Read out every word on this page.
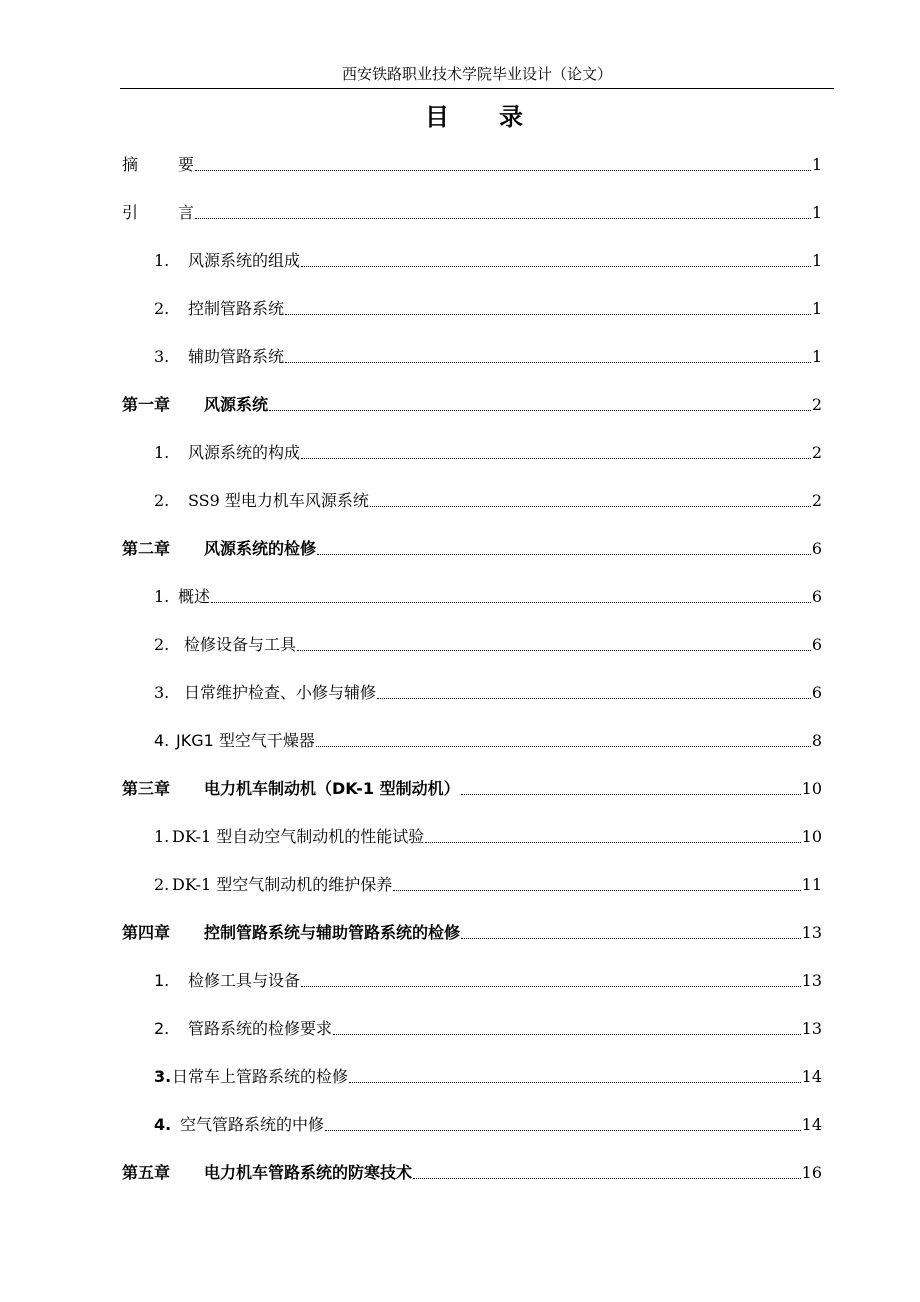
西安铁路职业技术学院毕业设计（论文）
目 录
摘	要	1
引	言	1
1.	风源系统的组成	1
2.	控制管路系统	1
3.	辅助管路系统	1
第一章	风源系统	2
1.	风源系统的构成	2
2.	SS9 型电力机车风源系统	2
第二章	风源系统的检修	6
1. 概述	6
2. 检修设备与工具	6
3. 日常维护检查、小修与辅修	6
4. JKG1 型空气干燥器	8
第三章	电力机车制动机（DK-1 型制动机）	10
1. DK-1 型自动空气制动机的性能试验	10
2. DK-1 型空气制动机的维护保养	11
第四章	控制管路系统与辅助管路系统的检修	13
1.	检修工具与设备	13
2.	管路系统的检修要求	13
3. 日常车上管路系统的检修	14
4. 空气管路系统的中修	14
第五章	电力机车管路系统的防寒技术	16
